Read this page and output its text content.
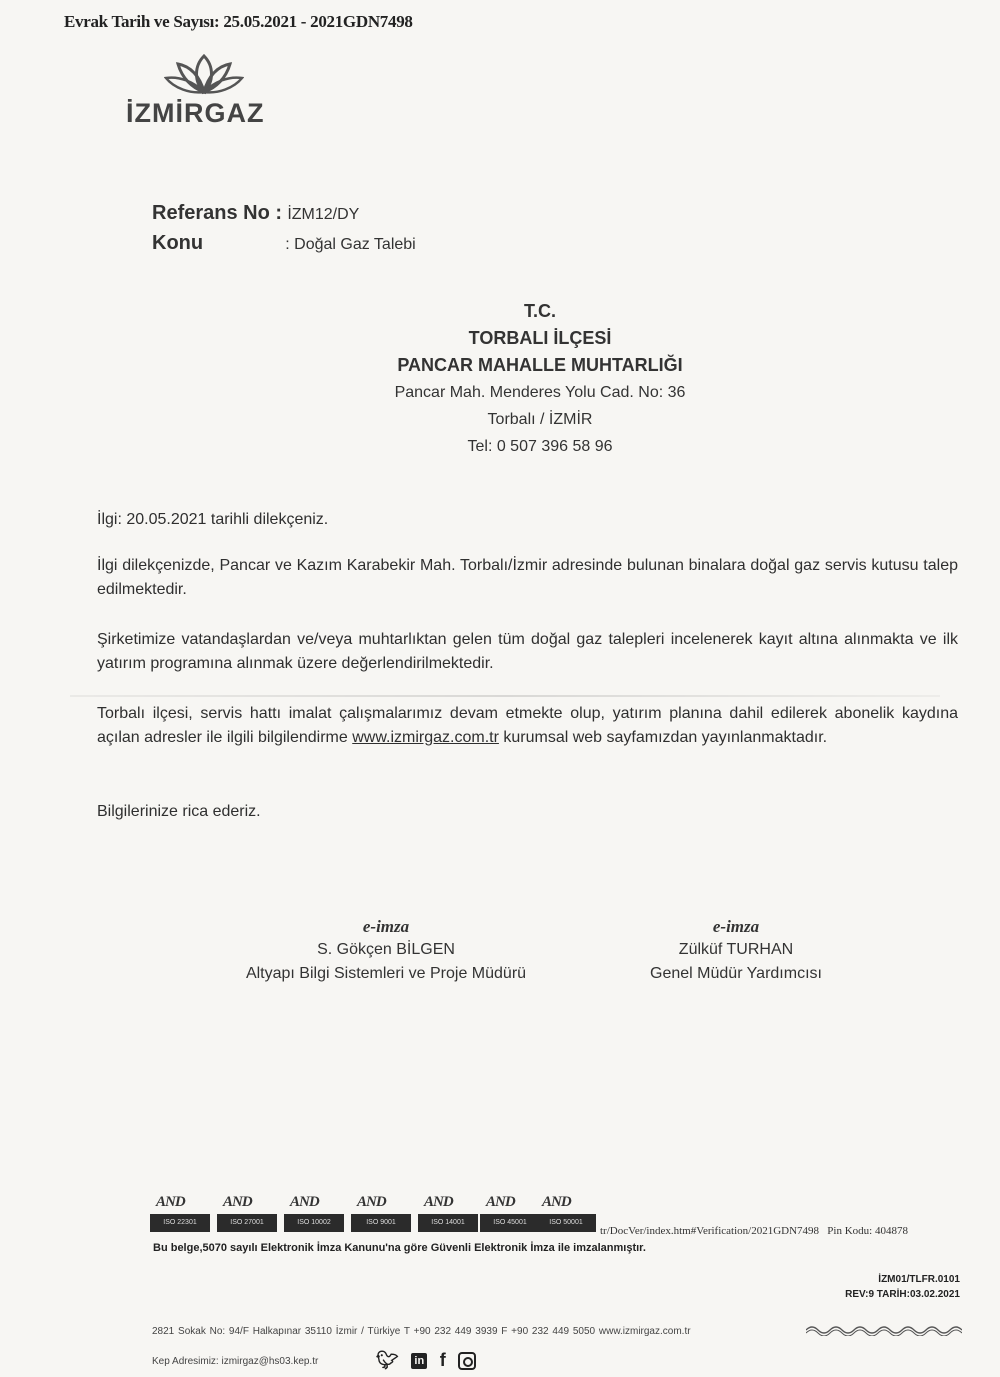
Evrak Tarih ve Sayısı: 25.05.2021 - 2021GDN7498
İZMİRGAZ
Referans No : İZM12/DY
Konu	: Doğal Gaz Talebi
T.C.
TORBALI İLÇESİ
PANCAR MAHALLE MUHTARLIĞI
Pancar Mah. Menderes Yolu Cad. No: 36
Torbalı / İZMİR
Tel: 0 507 396 58 96
İlgi: 20.05.2021 tarihli dilekçeniz.
İlgi dilekçenizde, Pancar ve Kazım Karabekir Mah. Torbalı/İzmir adresinde bulunan binalara doğal gaz servis kutusu talep edilmektedir.
Şirketimize vatandaşlardan ve/veya muhtarlıktan gelen tüm doğal gaz talepleri incelenerek kayıt altına alınmakta ve ilk yatırım programına alınmak üzere değerlendirilmektedir.
Torbalı ilçesi, servis hattı imalat çalışmalarımız devam etmekte olup, yatırım planına dahil edilerek abonelik kaydına açılan adresler ile ilgili bilgilendirme www.izmirgaz.com.tr kurumsal web sayfamızdan yayınlanmaktadır.
Bilgilerinize rica ederiz.
e-imza
S. Gökçen BİLGEN
Altyapı Bilgi Sistemleri ve Proje Müdürü
e-imza
Zülküf TURHAN
Genel Müdür Yardımcısı
AND
ISO 22301
AND
ISO 27001
AND
ISO 10002
AND
ISO 9001
AND
ISO 14001
AND
ISO 45001
AND
ISO 50001
tr/DocVer/index.htm#Verification/2021GDN7498 Pin Kodu: 404878
Bu belge,5070 sayılı Elektronik İmza Kanunu'na göre Güvenli Elektronik İmza ile imzalanmıştır.
İZM01/TLFR.0101
REV:9 TARİH:03.02.2021
2821 Sokak No: 94/F Halkapınar 35110 İzmir / Türkiye T +90 232 449 3939 F +90 232 449 5050 www.izmirgaz.com.tr
Kep Adresimiz: izmirgaz@hs03.kep.tr	🐦︎ in f
